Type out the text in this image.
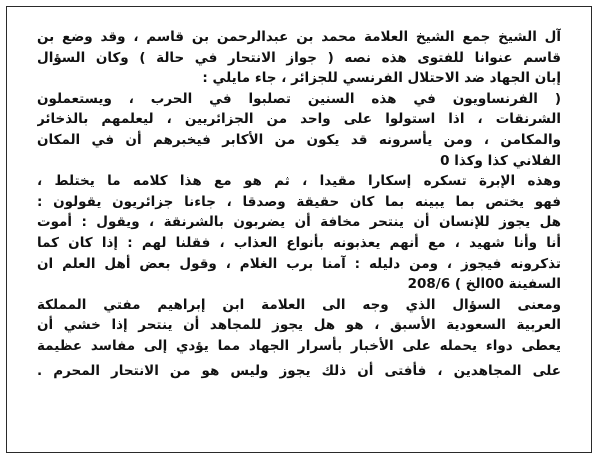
آل الشيخ جمع الشيخ العلامة محمد بن عبدالرحمن بن قاسم ، وقد وضع بن
قاسم عنوانا للفتوى هذه نصه ( جواز الانتحار في حالة ) وكان السؤال
إبان الجهاد ضد الاحتلال الفرنسي للجزائر ، جاء مايلي :
( الفرنساويون في هذه السنين تصلبوا في الحرب ، ويستعملون
الشرنقات ، اذا استولوا على واحد من الجزائريين ، ليعلمهم بالذخائر
والمكامن ، ومن يأسرونه قد يكون من الأكابر فيخبرهم أن في المكان
الفلاني كذا وكذا 0
وهذه الإبرة تسكره إسكارا مقيدا ، ثم هو مع هذا كلامه ما يختلط ،
فهو يختص بما يبينه بما كان حقيقة وصدقا ، جاءنا جزائريون يقولون :
هل يجوز للإنسان أن ينتحر مخافة أن يضربون بالشرنقة ، ويقول : أموت
أنا وأنا شهيد ، مع أنهم يعذبونه بأنواع العذاب ، فقلنا لهم : إذا كان كما
تذكرونه فيجوز ، ومن دليله : آمنا برب الغلام ، وقول بعض أهل العلم ان
السفينة 00الخ ) 208/6
ومعنى السؤال الذي وجه الى العلامة ابن إبراهيم مفتي المملكة
العربية السعودية الأسبق ، هو هل يجوز للمجاهد أن ينتحر إذا خشي أن
يعطى دواء يحمله على الأخبار بأسرار الجهاد مما يؤدي إلى مفاسد عظيمة
على المجاهدين ، فأفتى أن ذلك يجوز وليس هو من الانتحار المحرم .
